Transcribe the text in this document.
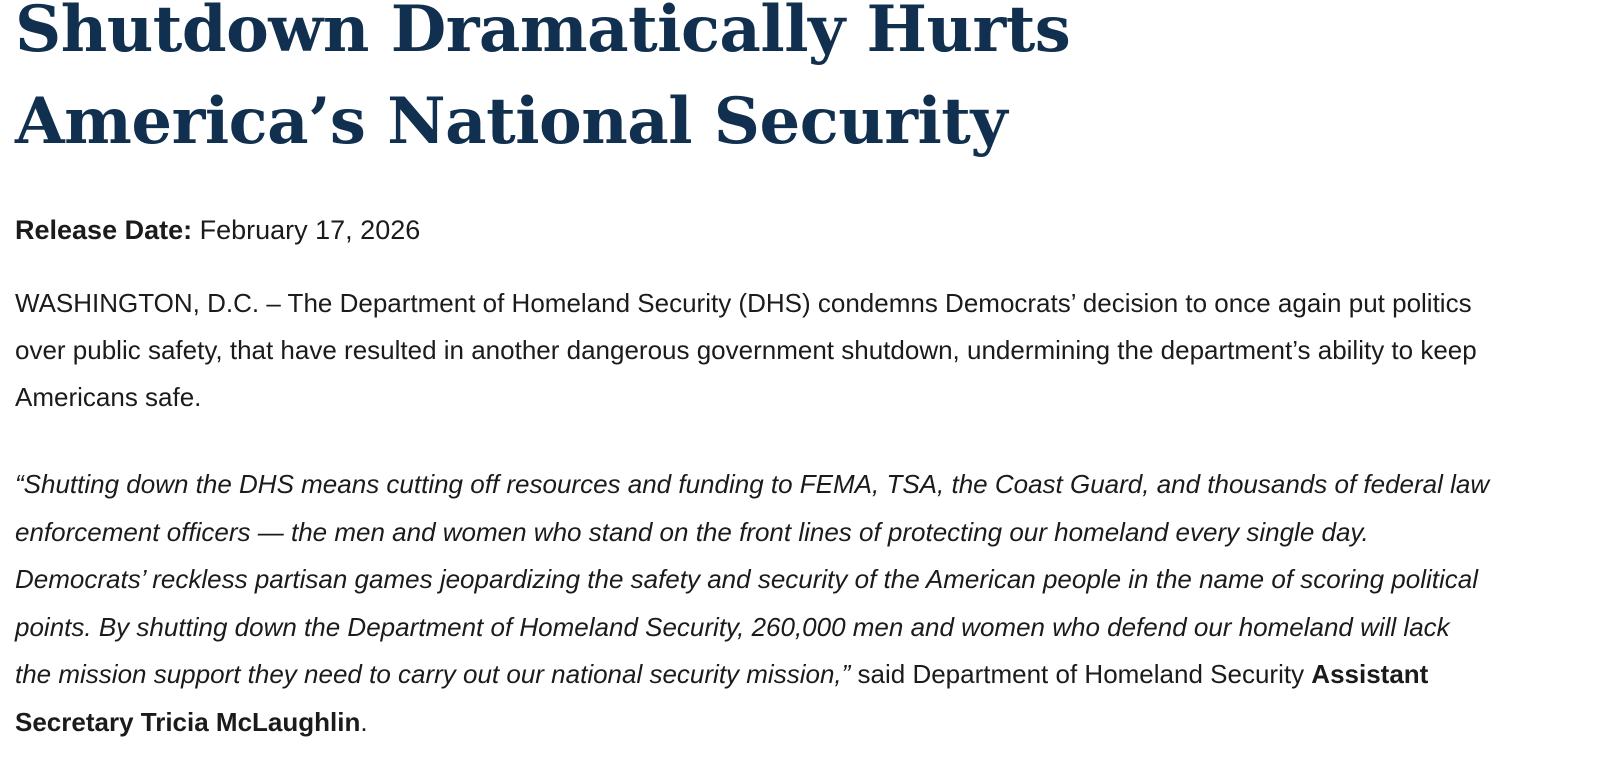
Shutdown Dramatically Hurts America’s National Security

Release Date: February 17, 2026

WASHINGTON, D.C. – The Department of Homeland Security (DHS) condemns Democrats’ decision to once again put politics over public safety, that have resulted in another dangerous government shutdown, undermining the department’s ability to keep Americans safe.

“Shutting down the DHS means cutting off resources and funding to FEMA, TSA, the Coast Guard, and thousands of federal law enforcement officers — the men and women who stand on the front lines of protecting our homeland every single day. Democrats’ reckless partisan games jeopardizing the safety and security of the American people in the name of scoring political points. By shutting down the Department of Homeland Security, 260,000 men and women who defend our homeland will lack the mission support they need to carry out our national security mission,” said Department of Homeland Security Assistant Secretary Tricia McLaughlin.
